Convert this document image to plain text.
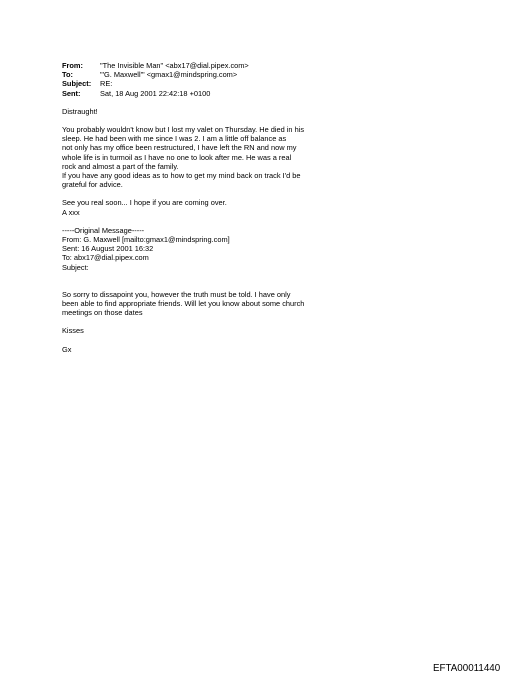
From:	"The Invisible Man" <abx17@dial.pipex.com>
To:	"'G. Maxwell'" <gmax1@mindspring.com>
Subject:	RE:
Sent:	Sat, 18 Aug 2001 22:42:18 +0100
Distraught!
You probably wouldn't know but I lost my valet on Thursday. He died in his
sleep. He had been with me since I was 2. I am a little off balance as
not only has my office been restructured, I have left the RN and now my
whole life is in turmoil as I have no one to look after me. He was a real
rock and almost a part of the family.
If you have any good ideas as to how to get my mind back on track I'd be
grateful for advice.
See you real soon... I hope if you are coming over.
A xxx
-----Original Message-----
From: G. Maxwell [mailto:gmax1@mindspring.com]
Sent: 16 August 2001 16:32
To: abx17@dial.pipex.com
Subject:
So sorry to dissapoint you, however the truth must be told. I have only
been able to find appropriate friends. Will let you know about some church
meetings on those dates
Kisses
Gx
EFTA00011440
